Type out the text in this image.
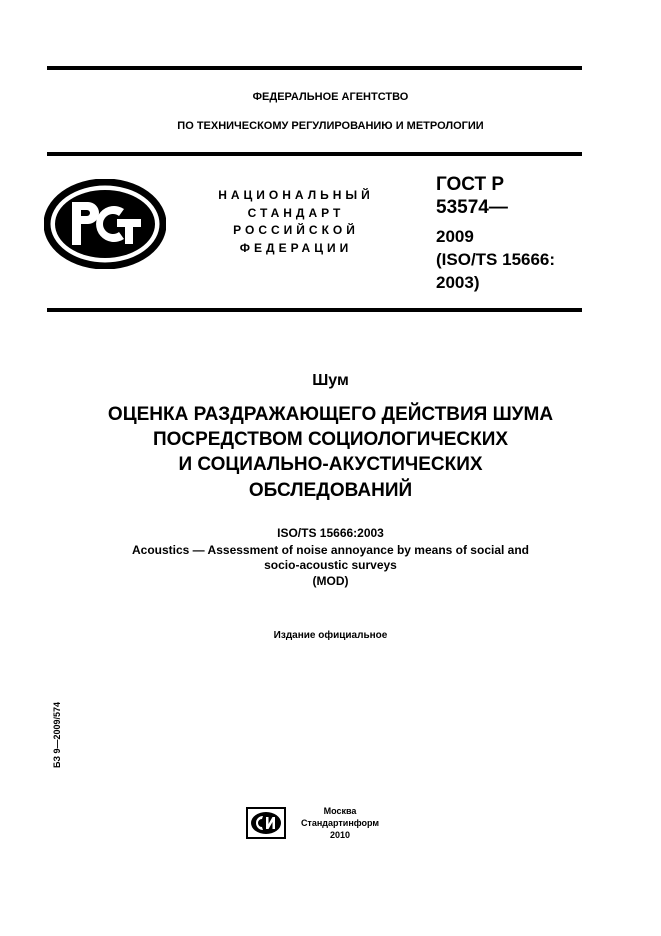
ФЕДЕРАЛЬНОЕ АГЕНТСТВО
ПО ТЕХНИЧЕСКОМУ РЕГУЛИРОВАНИЮ И МЕТРОЛОГИИ
НАЦИОНАЛЬНЫЙ
СТАНДАРТ
РОССИЙСКОЙ
ФЕДЕРАЦИИ
ГОСТ Р
53574—
2009
(ISO/TS 15666:
2003)
Шум
ОЦЕНКА РАЗДРАЖАЮЩЕГО ДЕЙСТВИЯ ШУМА
ПОСРЕДСТВОМ СОЦИОЛОГИЧЕСКИХ
И СОЦИАЛЬНО-АКУСТИЧЕСКИХ
ОБСЛЕДОВАНИЙ
ISO/TS 15666:2003
Acoustics — Assessment of noise annoyance by means of social and
socio-acoustic surveys
(MOD)
Издание официальное
БЗ 9—2009/574
Москва
Стандартинформ
2010
